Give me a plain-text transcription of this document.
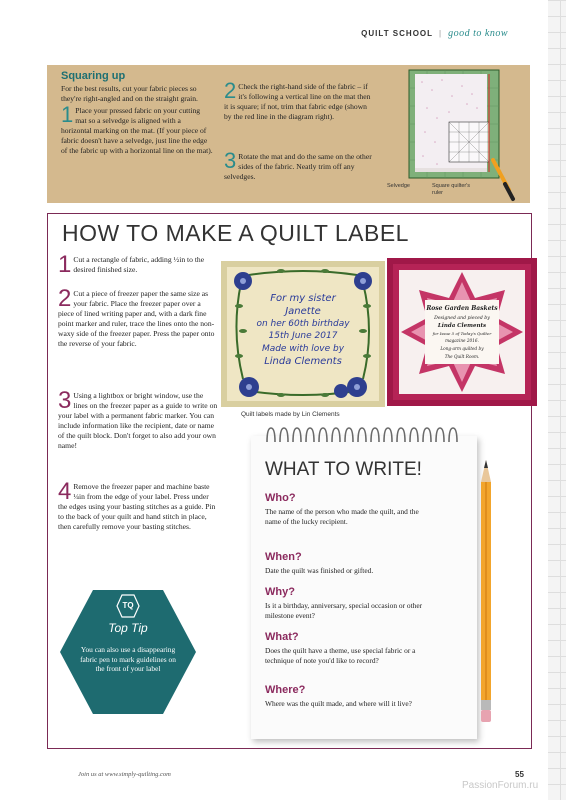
QUILT SCHOOL | good to know
Squaring up
For the best results, cut your fabric pieces so they're right-angled and on the straight grain.
1 Place your pressed fabric on your cutting mat so a selvedge is aligned with a horizontal marking on the mat. (If your piece of fabric doesn't have a selvedge, just line the edge of the fabric up with a horizontal line on the mat).
2 Check the right-hand side of the fabric – if it's following a vertical line on the mat then it is square; if not, trim that fabric edge (shown by the red line in the diagram right).
3 Rotate the mat and do the same on the other sides of the fabric. Neatly trim off any selvedges.
Selvedge	Square quilter's ruler
HOW TO MAKE A QUILT LABEL
1 Cut a rectangle of fabric, adding ½in to the desired finished size.
2 Cut a piece of freezer paper the same size as your fabric. Place the freezer paper over a piece of lined writing paper and, with a dark fine point marker and ruler, trace the lines onto the non-waxy side of the freezer paper. Press the paper onto the reverse of your fabric.
3 Using a lightbox or bright window, use the lines on the freezer paper as a guide to write on your label with a permanent fabric marker. You can include information like the recipient, date or name of the quilt block. Don't forget to also add your own name!
4 Remove the freezer paper and machine baste ¼in from the edge of your label. Press under the edges using your basting stitches as a guide. Pin to the back of your quilt and hand stitch in place, then carefully remove your basting stitches.
For my sister
Janette
on her 60th birthday
15th June 2017
Made with love by
Linda Clements
Rose Garden Baskets
Designed and pieced by
Linda Clements
for Issue 5 of Today's Quilter
magazine 2016.
Long-arm quilted by
The Quilt Room.
Quilt labels made by Lin Clements
WHAT TO WRITE!
Who?
The name of the person who made the quilt, and the name of the lucky recipient.
When?
Date the quilt was finished or gifted.
Why?
Is it a birthday, anniversary, special occasion or other milestone event?
What?
Does the quilt have a theme, use special fabric or a technique of note you'd like to record?
Where?
Where was the quilt made, and where will it live?
TQ
Top Tip
You can also use a disappearing fabric pen to mark guidelines on the front of your label
Join us at www.simply-quilting.com	55
PassionForum.ru
